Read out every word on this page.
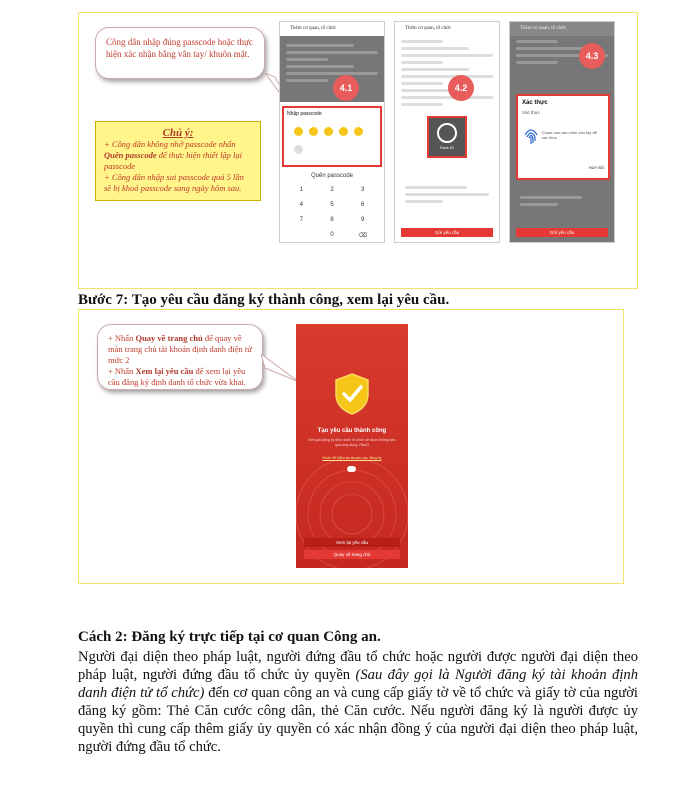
Công dân nhập đúng passcode hoặc thực hiện xác nhận bằng vân tay/ khuôn mặt.
Chú ý:
+ Công dân không nhớ passcode nhấn Quên passcode để thực hiện thiết lập lại passcode
+ Công dân nhập sai passcode quá 5 lần sẽ bị khoá passcode sang ngày hôm sau.
Thêm cơ quan, tổ chức
Nhập passcode
Quên passcode
1	2	3
4	5	6
7	8	9
0	⌫
4.1
Thêm cơ quan, tổ chức
Face ID
Gửi yêu cầu
4.2
Thêm cơ quan, tổ chức
Xác thực
Xác thực
Chạm vào cảm biến vân tay để xác thực
HỦY BỎ
Gửi yêu cầu
4.3
Bước 7: Tạo yêu cầu đăng ký thành công, xem lại yêu cầu.
+ Nhấn Quay về trang chủ để quay về màn trang chủ tài khoản định danh điện tử mức 2
+ Nhấn Xem lại yêu cầu để xem lại yêu cầu đăng ký định danh tổ chức vừa khai.
Tạo yêu cầu thành công
Kết quả đăng ký định danh tổ chức sẽ được thông báo qua ứng dụng VNeID
Nhấn để kiểm tra lại yêu cầu đăng ký
Xem lại yêu cầu
Quay về trang chủ
Cách 2: Đăng ký trực tiếp tại cơ quan Công an.
Người đại diện theo pháp luật, người đứng đầu tổ chức hoặc người được người đại diện theo pháp luật, người đứng đầu tổ chức ủy quyền (Sau đây gọi là Người đăng ký tài khoản định danh điện tử tổ chức) đến cơ quan công an và cung cấp giấy tờ về tổ chức và giấy tờ của người đăng ký gồm: Thẻ Căn cước công dân, thẻ Căn cước. Nếu người đăng ký là người được ủy quyền thì cung cấp thêm giấy ủy quyền có xác nhận đồng ý của người đại diện theo pháp luật, người đứng đầu tổ chức.
